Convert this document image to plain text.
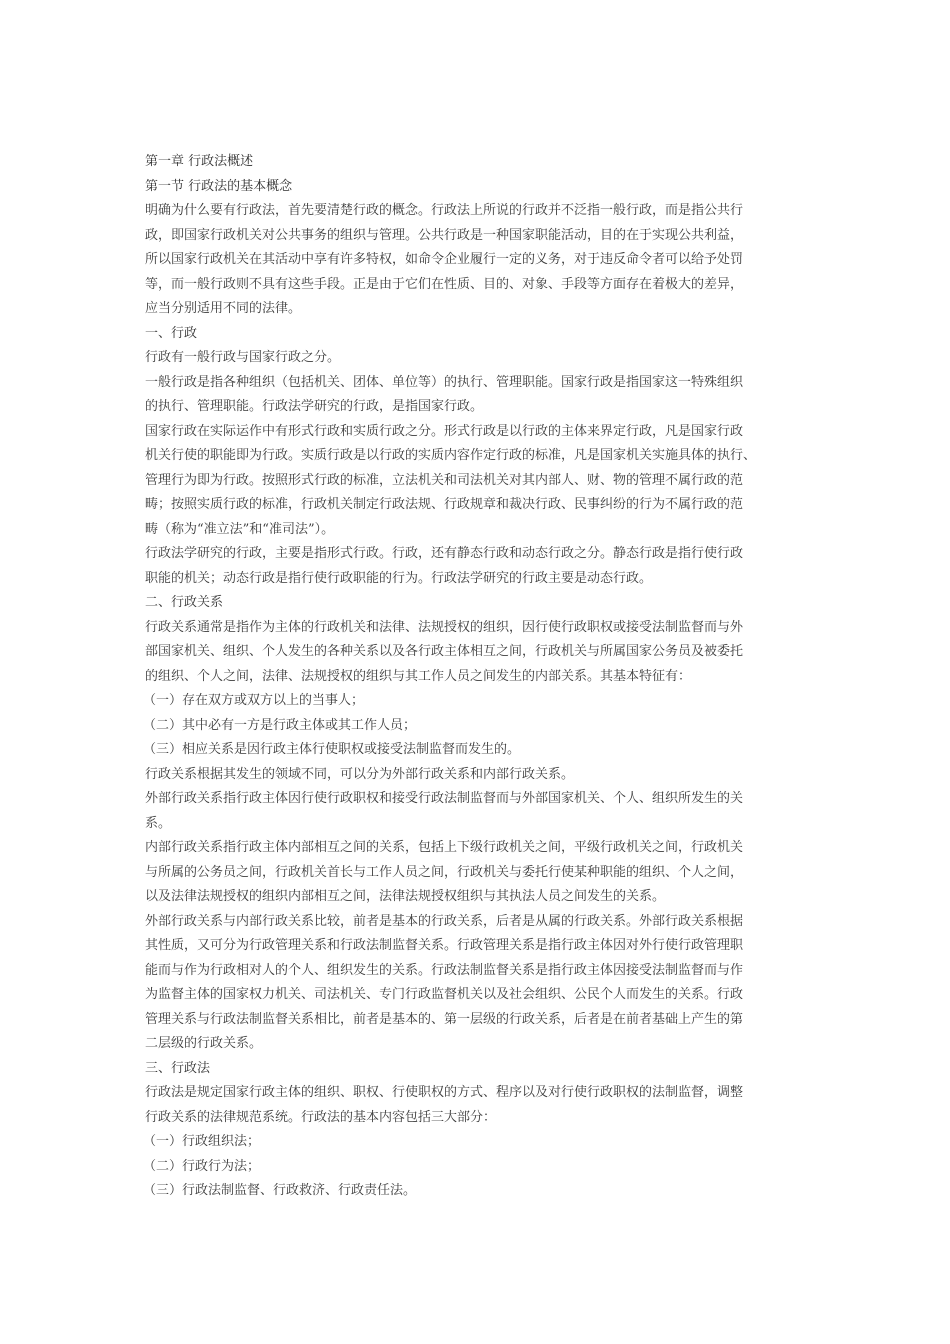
第一章 行政法概述
第一节 行政法的基本概念
明确为什么要有行政法，首先要清楚行政的概念。行政法上所说的行政并不泛指一般行政，而是指公共行
政，即国家行政机关对公共事务的组织与管理。公共行政是一种国家职能活动，目的在于实现公共利益，
所以国家行政机关在其活动中享有许多特权，如命令企业履行一定的义务，对于违反命令者可以给予处罚
等，而一般行政则不具有这些手段。正是由于它们在性质、目的、对象、手段等方面存在着极大的差异，
应当分别适用不同的法律。
一、行政
行政有一般行政与国家行政之分。
一般行政是指各种组织（包括机关、团体、单位等）的执行、管理职能。国家行政是指国家这一特殊组织
的执行、管理职能。行政法学研究的行政，是指国家行政。
国家行政在实际运作中有形式行政和实质行政之分。形式行政是以行政的主体来界定行政，凡是国家行政
机关行使的职能即为行政。实质行政是以行政的实质内容作定行政的标准，凡是国家机关实施具体的执行、
管理行为即为行政。按照形式行政的标准，立法机关和司法机关对其内部人、财、物的管理不属行政的范
畴；按照实质行政的标准，行政机关制定行政法规、行政规章和裁决行政、民事纠纷的行为不属行政的范
畴（称为“准立法”和“准司法”）。
行政法学研究的行政，主要是指形式行政。行政，还有静态行政和动态行政之分。静态行政是指行使行政
职能的机关；动态行政是指行使行政职能的行为。行政法学研究的行政主要是动态行政。
二、行政关系
行政关系通常是指作为主体的行政机关和法律、法规授权的组织，因行使行政职权或接受法制监督而与外
部国家机关、组织、个人发生的各种关系以及各行政主体相互之间，行政机关与所属国家公务员及被委托
的组织、个人之间，法律、法规授权的组织与其工作人员之间发生的内部关系。其基本特征有：
（一）存在双方或双方以上的当事人；
（二）其中必有一方是行政主体或其工作人员；
（三）相应关系是因行政主体行使职权或接受法制监督而发生的。
行政关系根据其发生的领域不同，可以分为外部行政关系和内部行政关系。
外部行政关系指行政主体因行使行政职权和接受行政法制监督而与外部国家机关、个人、组织所发生的关
系。
内部行政关系指行政主体内部相互之间的关系，包括上下级行政机关之间，平级行政机关之间，行政机关
与所属的公务员之间，行政机关首长与工作人员之间，行政机关与委托行使某种职能的组织、个人之间，
以及法律法规授权的组织内部相互之间，法律法规授权组织与其执法人员之间发生的关系。
外部行政关系与内部行政关系比较，前者是基本的行政关系，后者是从属的行政关系。外部行政关系根据
其性质，又可分为行政管理关系和行政法制监督关系。行政管理关系是指行政主体因对外行使行政管理职
能而与作为行政相对人的个人、组织发生的关系。行政法制监督关系是指行政主体因接受法制监督而与作
为监督主体的国家权力机关、司法机关、专门行政监督机关以及社会组织、公民个人而发生的关系。行政
管理关系与行政法制监督关系相比，前者是基本的、第一层级的行政关系，后者是在前者基础上产生的第
二层级的行政关系。
三、行政法
行政法是规定国家行政主体的组织、职权、行使职权的方式、程序以及对行使行政职权的法制监督，调整
行政关系的法律规范系统。行政法的基本内容包括三大部分：
（一）行政组织法；
（二）行政行为法；
（三）行政法制监督、行政救济、行政责任法。
